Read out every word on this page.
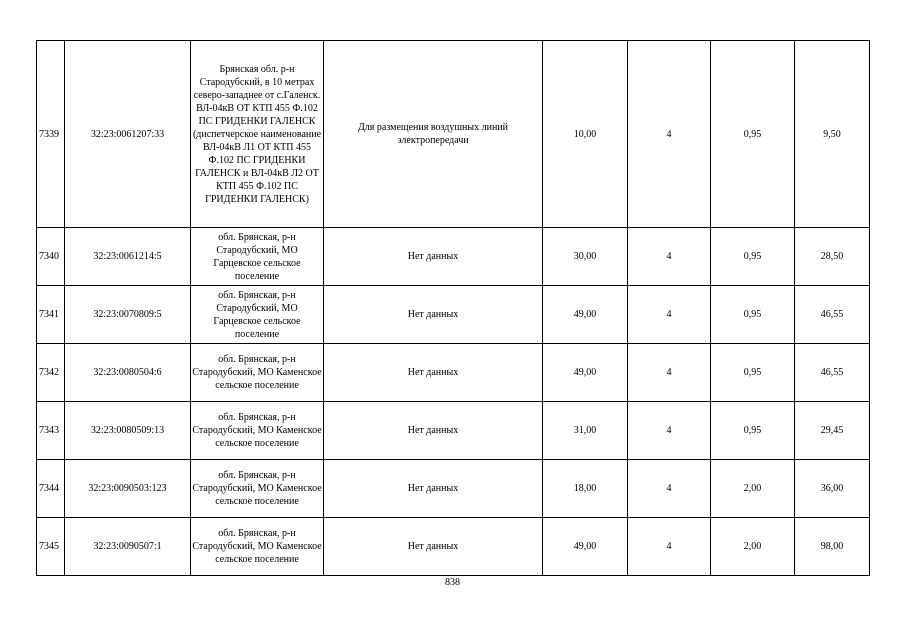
7339	32:23:0061207:33	Брянская обл. р-н Стародубский, в 10 метрах северо-западнее от с.Галенск. ВЛ-04кВ ОТ КТП 455 Ф.102 ПС ГРИДЕНКИ ГАЛЕНСК (диспетчерское наименование ВЛ-04кВ Л1 ОТ КТП 455 Ф.102 ПС ГРИДЕНКИ ГАЛЕНСК и ВЛ-04кВ Л2 ОТ КТП 455 Ф.102 ПС ГРИДЕНКИ ГАЛЕНСК)	Для размещения воздушных линий электропередачи	10,00	4	0,95	9,50
7340	32:23:0061214:5	обл. Брянская, р-н Стародубский, МО Гарцевское сельское поселение	Нет данных	30,00	4	0,95	28,50
7341	32:23:0070809:5	обл. Брянская, р-н Стародубский, МО Гарцевское сельское поселение	Нет данных	49,00	4	0,95	46,55
7342	32:23:0080504:6	обл. Брянская, р-н Стародубский, МО Каменское сельское поселение	Нет данных	49,00	4	0,95	46,55
7343	32:23:0080509:13	обл. Брянская, р-н Стародубский, МО Каменское сельское поселение	Нет данных	31,00	4	0,95	29,45
7344	32:23:0090503:123	обл. Брянская, р-н Стародубский, МО Каменское сельское поселение	Нет данных	18,00	4	2,00	36,00
7345	32:23:0090507:1	обл. Брянская, р-н Стародубский, МО Каменское сельское поселение	Нет данных	49,00	4	2,00	98,00
838
